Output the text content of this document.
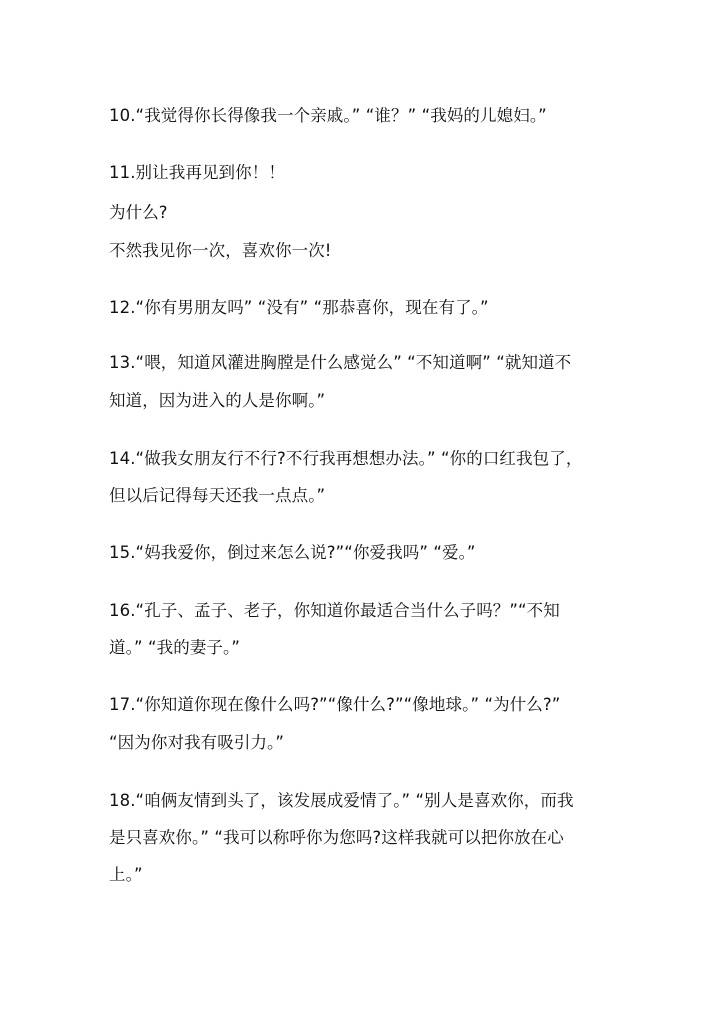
10.“我觉得你长得像我一个亲戚。” “谁？” “我妈的儿媳妇。”
11.别让我再见到你！！
为什么?
不然我见你一次，喜欢你一次!
12.“你有男朋友吗” “没有” “那恭喜你，现在有了。”
13.“喂，知道风灌进胸膛是什么感觉么” “不知道啊” “就知道不
知道，因为进入的人是你啊。”
14.“做我女朋友行不行?不行我再想想办法。” “你的口红我包了，
但以后记得每天还我一点点。”
15.“妈我爱你，倒过来怎么说?”“你爱我吗” “爱。”
16.“孔子、孟子、老子，你知道你最适合当什么子吗？”“不知
道。” “我的妻子。”
17.“你知道你现在像什么吗?”“像什么?”“像地球。” “为什么?”
“因为你对我有吸引力。”
18.“咱俩友情到头了，该发展成爱情了。” “别人是喜欢你，而我
是只喜欢你。” “我可以称呼你为您吗?这样我就可以把你放在心
上。”
